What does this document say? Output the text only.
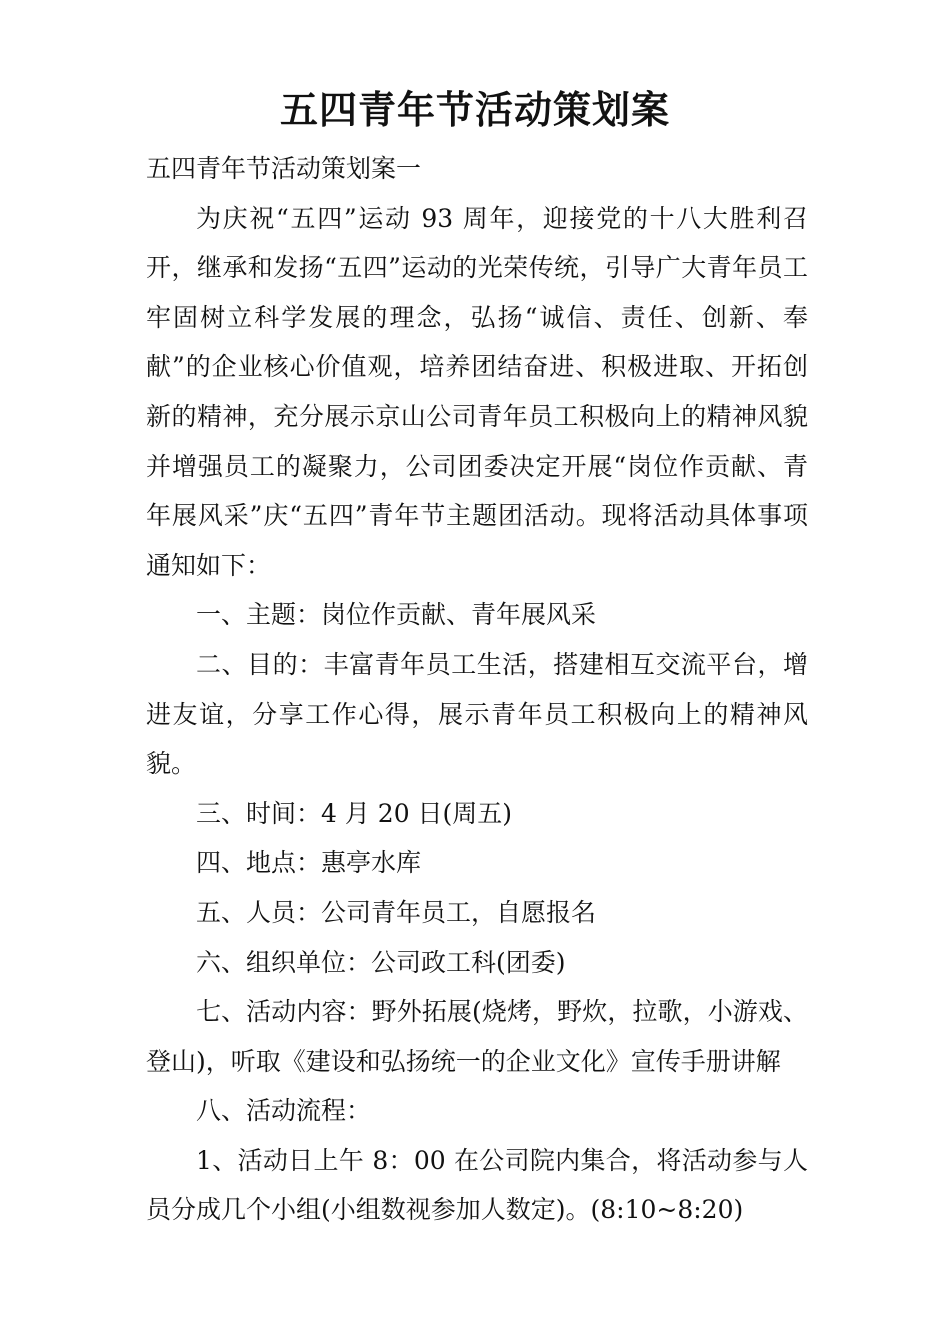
五四青年节活动策划案

五四青年节活动策划案一

为庆祝“五四”运动 93 周年，迎接党的十八大胜利召开，继承和发扬“五四”运动的光荣传统，引导广大青年员工牢固树立科学发展的理念，弘扬“诚信、责任、创新、奉献”的企业核心价值观，培养团结奋进、积极进取、开拓创新的精神，充分展示京山公司青年员工积极向上的精神风貌并增强员工的凝聚力，公司团委决定开展“岗位作贡献、青年展风采”庆“五四”青年节主题团活动。现将活动具体事项通知如下：

一、主题：岗位作贡献、青年展风采

二、目的：丰富青年员工生活，搭建相互交流平台，增进友谊，分享工作心得，展示青年员工积极向上的精神风貌。

三、时间：4 月 20 日(周五)

四、地点：惠亭水库

五、人员：公司青年员工，自愿报名

六、组织单位：公司政工科(团委)

七、活动内容：野外拓展(烧烤，野炊，拉歌，小游戏、登山)，听取《建设和弘扬统一的企业文化》宣传手册讲解

八、活动流程：

1、活动日上午 8：00 在公司院内集合，将活动参与人员分成几个小组(小组数视参加人数定)。(8:10~8:20)
